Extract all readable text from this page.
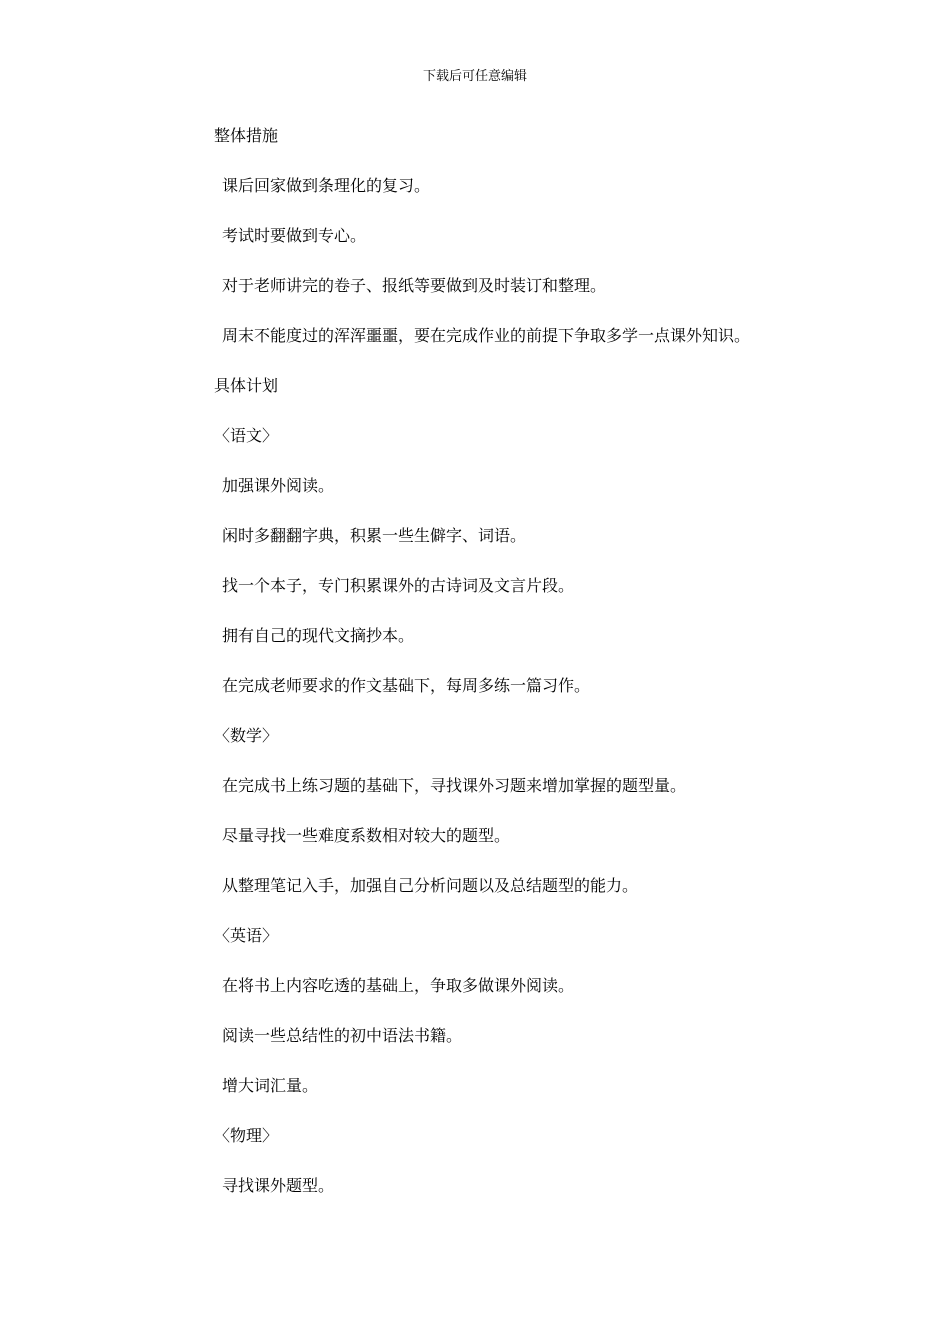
下载后可任意编辑
整体措施
课后回家做到条理化的复习。
考试时要做到专心。
对于老师讲完的卷子、报纸等要做到及时装订和整理。
周末不能度过的浑浑噩噩，要在完成作业的前提下争取多学一点课外知识。
具体计划
〈语文〉
加强课外阅读。
闲时多翻翻字典，积累一些生僻字、词语。
找一个本子，专门积累课外的古诗词及文言片段。
拥有自己的现代文摘抄本。
在完成老师要求的作文基础下，每周多练一篇习作。
〈数学〉
在完成书上练习题的基础下，寻找课外习题来增加掌握的题型量。
尽量寻找一些难度系数相对较大的题型。
从整理笔记入手，加强自己分析问题以及总结题型的能力。
〈英语〉
在将书上内容吃透的基础上，争取多做课外阅读。
阅读一些总结性的初中语法书籍。
增大词汇量。
〈物理〉
寻找课外题型。
